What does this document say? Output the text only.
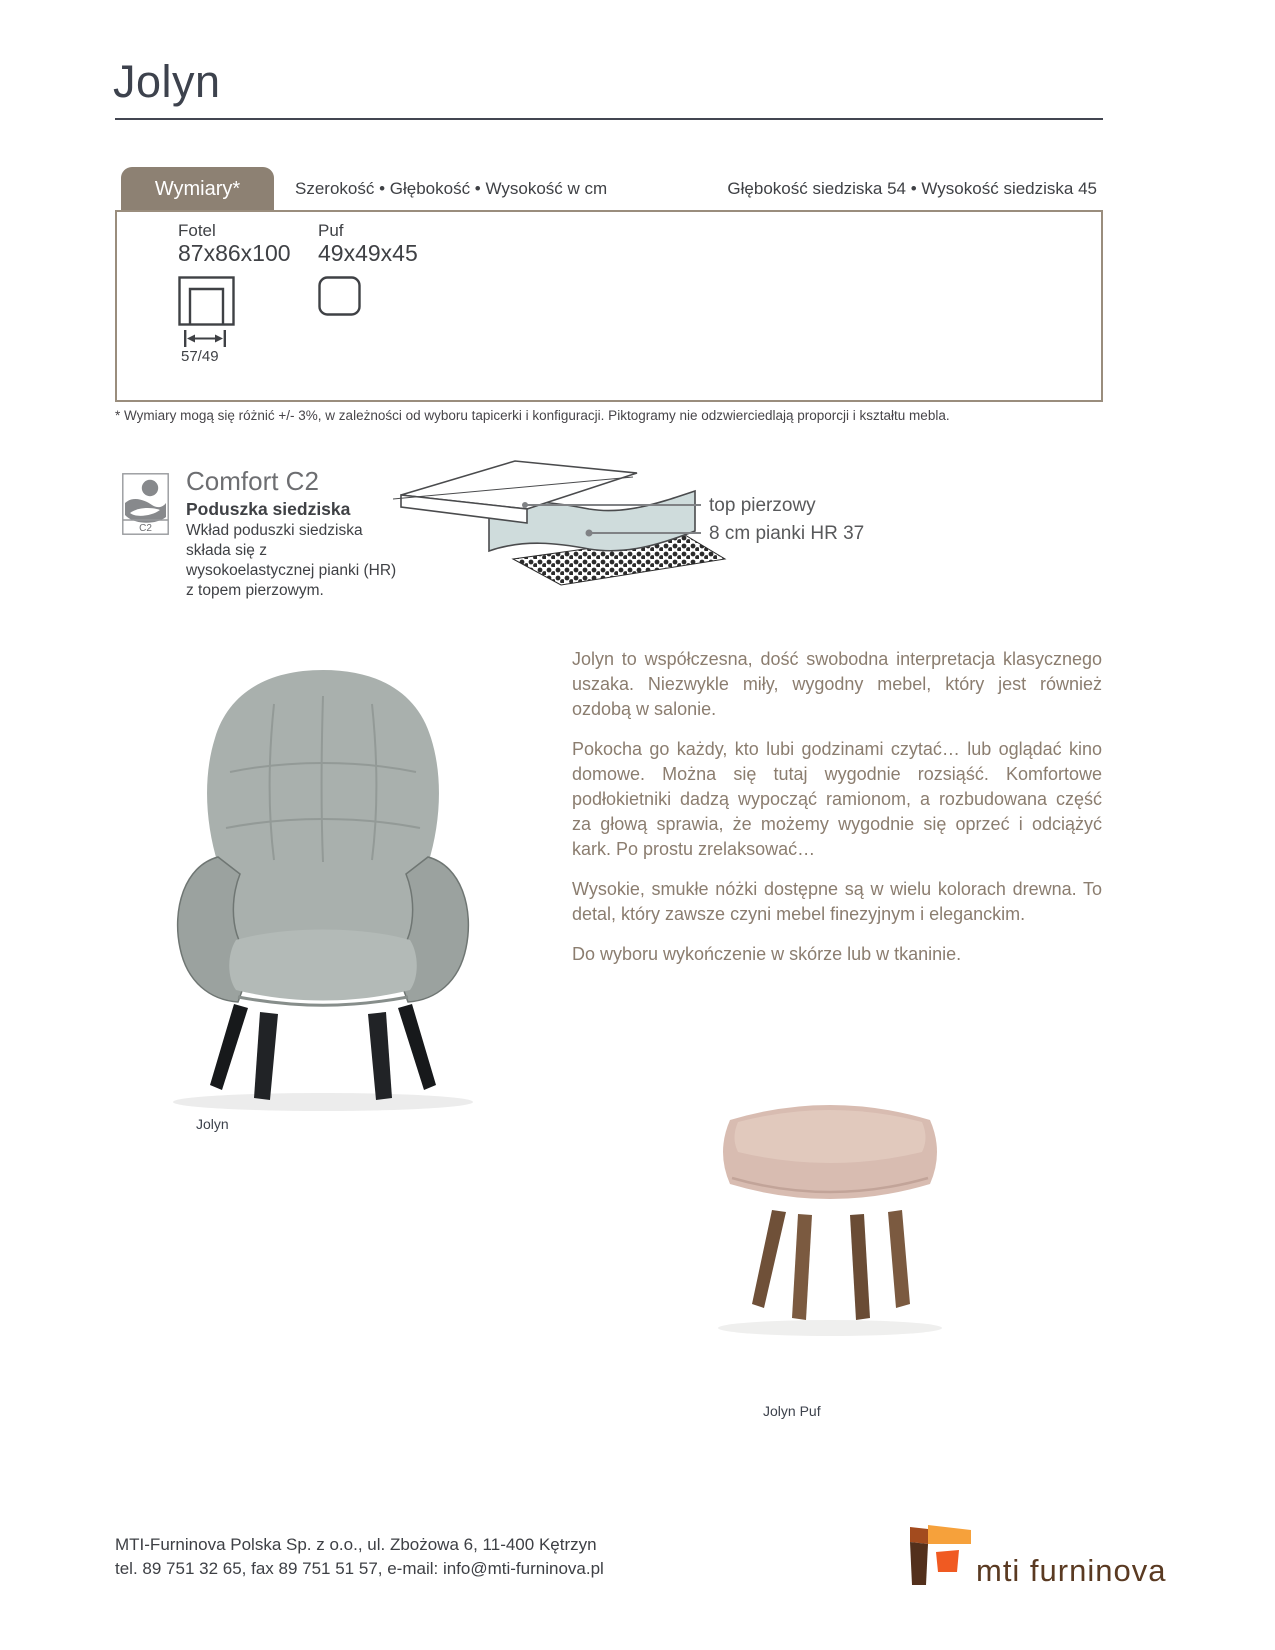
Jolyn
Wymiary*	Szerokość • Głębokość • Wysokość w cm	Głębokość siedziska 54 • Wysokość siedziska 45
Fotel
87x86x100
57/49
Puf
49x49x45
* Wymiary mogą się różnić +/- 3%, w zależności od wyboru tapicerki i konfiguracji. Piktogramy nie odzwierciedlają proporcji i kształtu mebla.
C2
Comfort C2
Poduszka siedziska
Wkład poduszki siedziska składa się z wysokoelastycznej pianki (HR) z topem pierzowym.
top pierzowy
8 cm pianki HR 37
Jolyn

Jolyn to współczesna, dość swobodna interpretacja klasycznego uszaka. Niezwykle miły, wygodny mebel, który jest również ozdobą w salonie.

Pokocha go każdy, kto lubi godzinami czytać… lub oglądać kino domowe. Można się tutaj wygodnie rozsiąść. Komfortowe podłokietniki dadzą wypocząć ramionom, a rozbudowana część za głową sprawia, że możemy wygodnie się oprzeć i odciążyć kark. Po prostu zrelaksować…

Wysokie, smukłe nóżki dostępne są w wielu kolorach drewna. To detal, który zawsze czyni mebel finezyjnym i eleganckim.

Do wyboru wykończenie w skórze lub w tkaninie.

Jolyn Puf
MTI-Furninova Polska Sp. z o.o., ul. Zbożowa 6, 11-400 Kętrzyn
tel. 89 751 32 65, fax 89 751 51 57, e-mail: info@mti-furninova.pl	mti furninova
